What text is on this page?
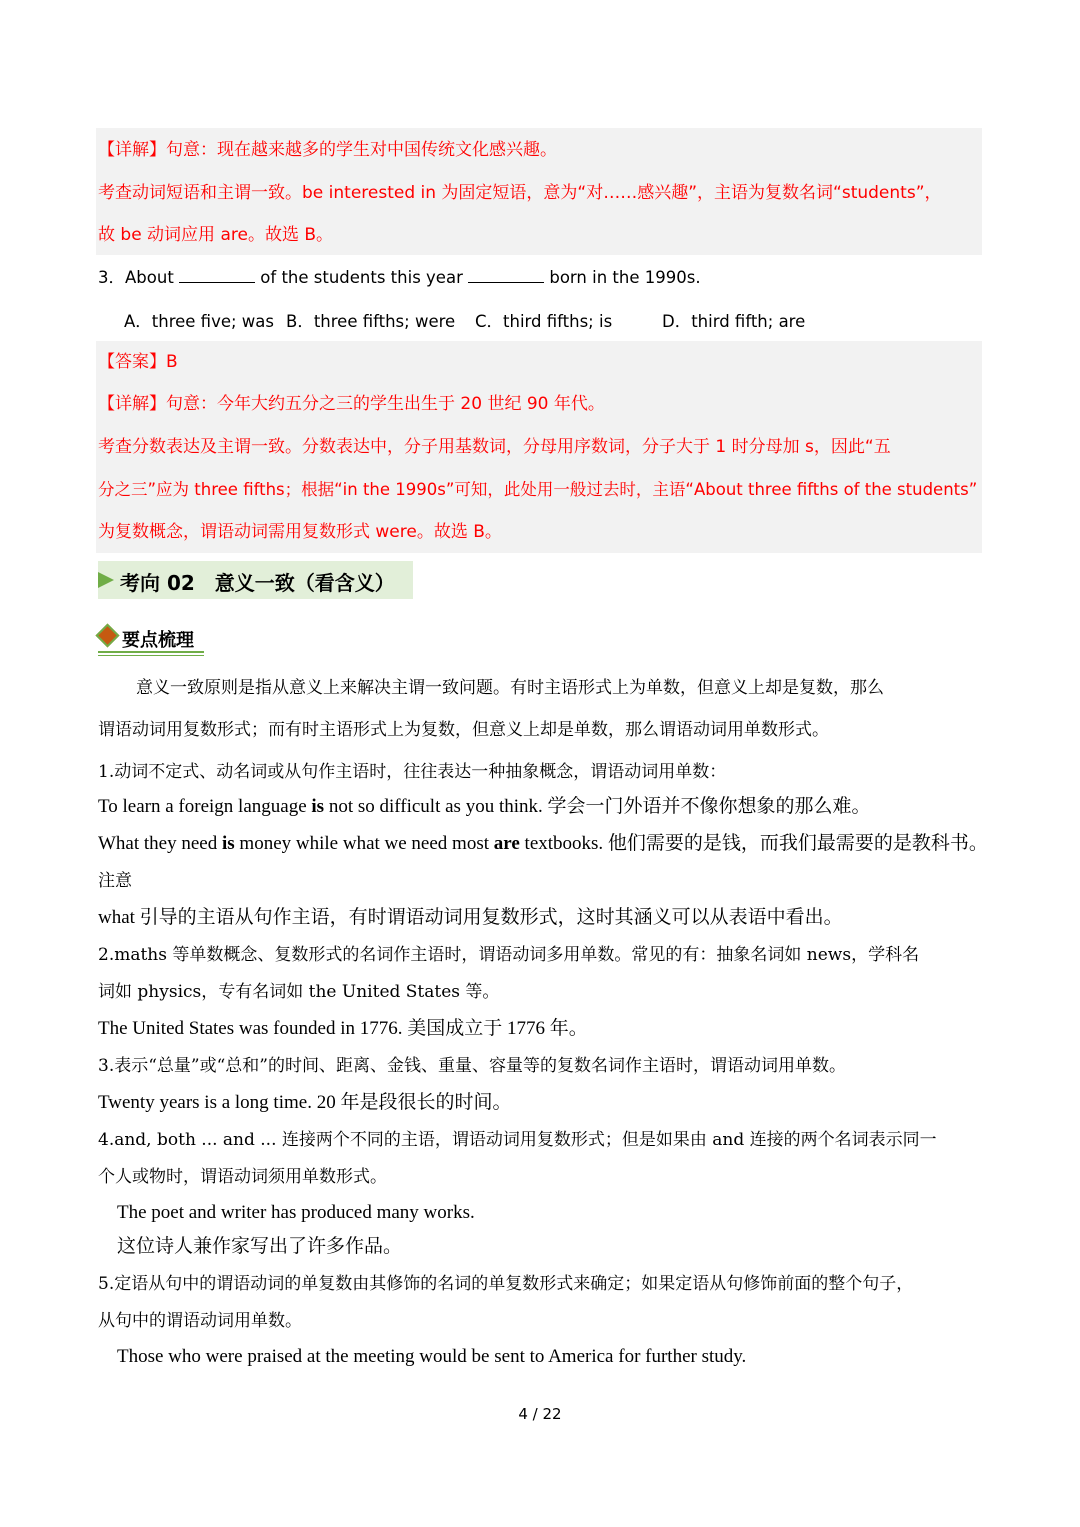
【详解】句意：现在越来越多的学生对中国传统文化感兴趣。
考查动词短语和主谓一致。be interested in 为固定短语，意为“对……感兴趣”，主语为复数名词“students”，
故 be 动词应用 are。故选 B。
3．About	of the students this year	born in the 1990s.
A．three five; was B．three fifths; were C．third fifths; is	D．third fifth; are
【答案】B
【详解】句意：今年大约五分之三的学生出生于 20 世纪 90 年代。
考查分数表达及主谓一致。分数表达中，分子用基数词，分母用序数词，分子大于 1 时分母加 s，因此“五
分之三”应为 three fifths；根据“in the 1990s”可知，此处用一般过去时，主语“About three fifths of the students”
为复数概念，谓语动词需用复数形式 were。故选 B。
考向 02　意义一致（看含义）
要点梳理
意义一致原则是指从意义上来解决主谓一致问题。有时主语形式上为单数，但意义上却是复数，那么
谓语动词用复数形式；而有时主语形式上为复数，但意义上却是单数，那么谓语动词用单数形式。
1.动词不定式、动名词或从句作主语时，往往表达一种抽象概念，谓语动词用单数：
To learn a foreign language is not so difficult as you think. 学会一门外语并不像你想象的那么难。
What they need is money while what we need most are textbooks. 他们需要的是钱，而我们最需要的是教科书。
注意
what 引导的主语从句作主语，有时谓语动词用复数形式，这时其涵义可以从表语中看出。
2.maths 等单数概念、复数形式的名词作主语时，谓语动词多用单数。常见的有：抽象名词如 news，学科名
词如 physics，专有名词如 the United States 等。
The United States was founded in 1776. 美国成立于 1776 年。
3.表示“总量”或“总和”的时间、距离、金钱、重量、容量等的复数名词作主语时，谓语动词用单数。
Twenty years is a long time. 20 年是段很长的时间。
4.and, both ... and ... 连接两个不同的主语，谓语动词用复数形式；但是如果由 and 连接的两个名词表示同一
个人或物时，谓语动词须用单数形式。
The poet and writer has produced many works.
这位诗人兼作家写出了许多作品。
5.定语从句中的谓语动词的单复数由其修饰的名词的单复数形式来确定；如果定语从句修饰前面的整个句子，
从句中的谓语动词用单数。
Those who were praised at the meeting would be sent to America for further study.
4 / 22
